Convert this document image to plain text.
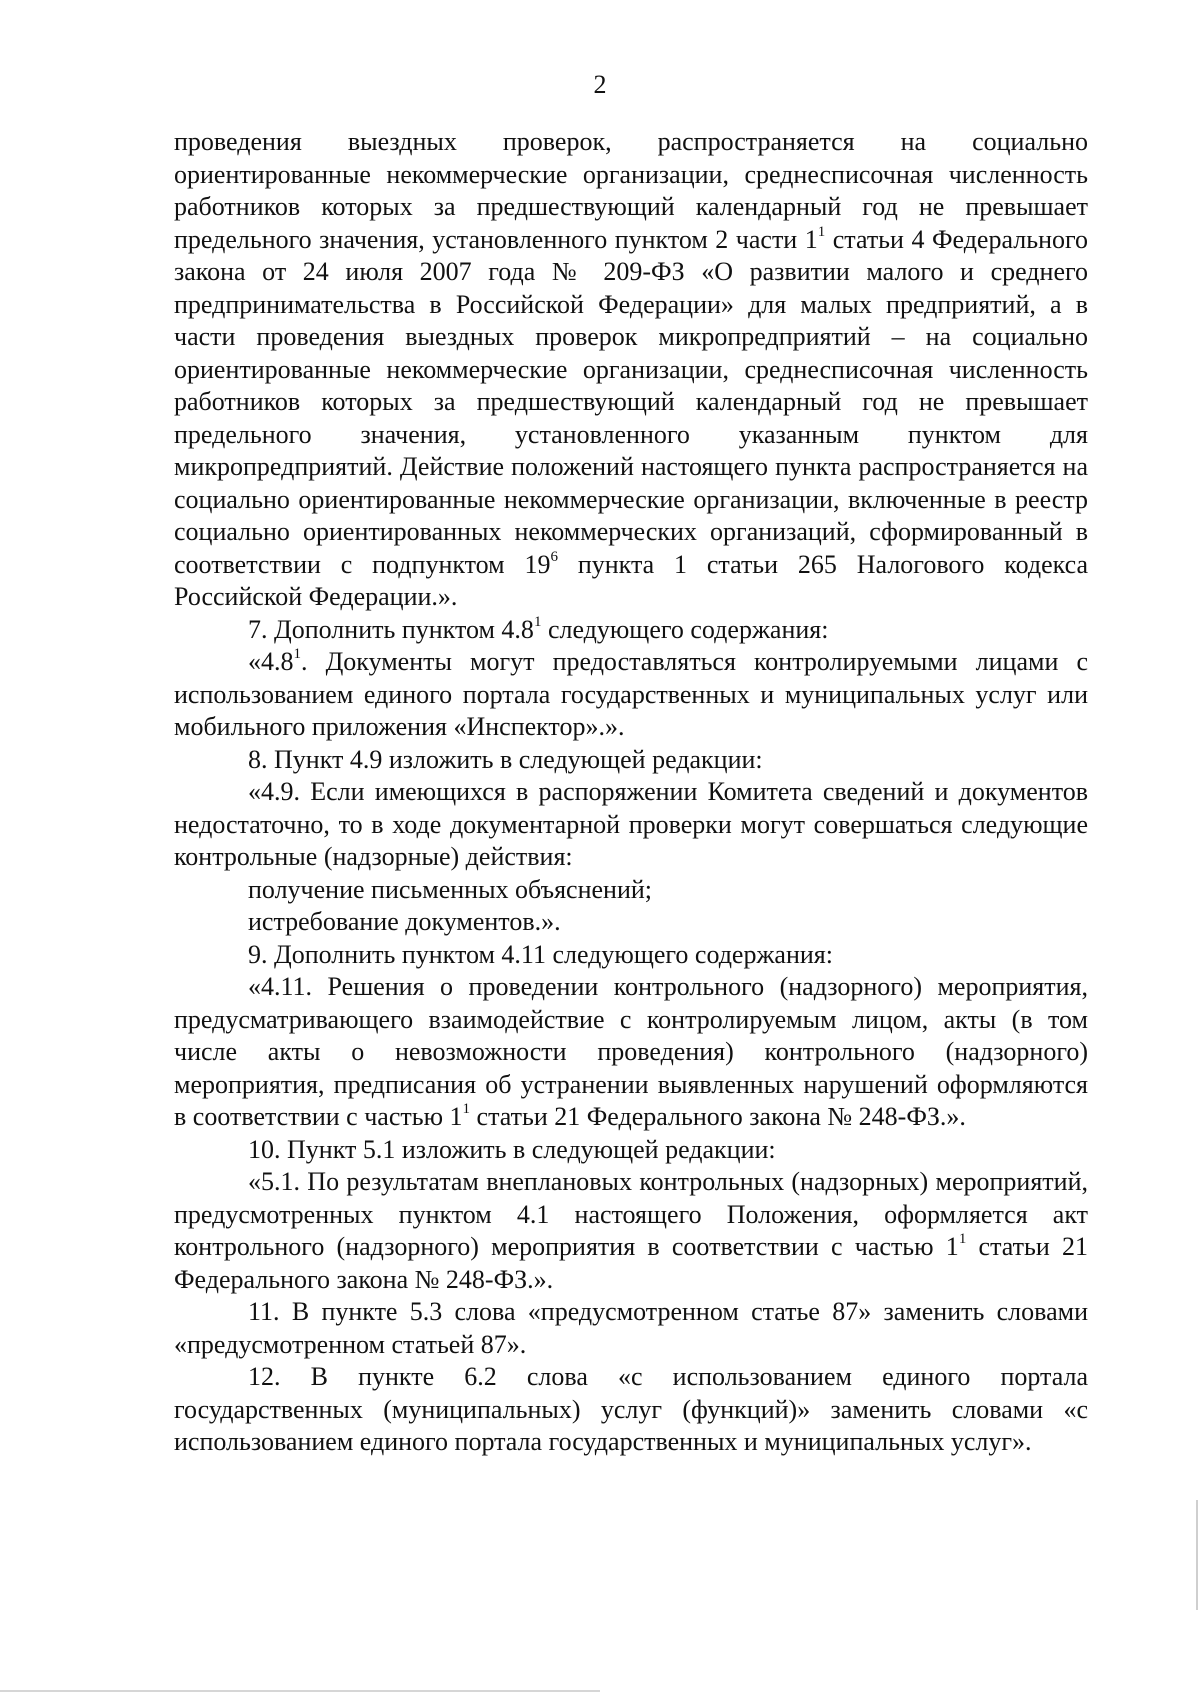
2

проведения выездных проверок, распространяется на социально ориентированные некоммерческие организации, среднесписочная численность работников которых за предшествующий календарный год не превышает предельного значения, установленного пунктом 2 части $1^1$ статьи 4 Федерального закона от 24 июля 2007 года № 209-ФЗ «О развитии малого и среднего предпринимательства в Российской Федерации» для малых предприятий, а в части проведения выездных проверок микропредприятий – на социально ориентированные некоммерческие организации, среднесписочная численность работников которых за предшествующий календарный год не превышает предельного значения, установленного указанным пунктом для микропредприятий. Действие положений настоящего пункта распространяется на социально ориентированные некоммерческие организации, включенные в реестр социально ориентированных некоммерческих организаций, сформированный в соответствии с подпунктом $19^6$ пункта 1 статьи 265 Налогового кодекса Российской Федерации.».

7. Дополнить пунктом $4.8^1$ следующего содержания:

«$4.8^1$. Документы могут предоставляться контролируемыми лицами с использованием единого портала государственных и муниципальных услуг или мобильного приложения «Инспектор».».

8. Пункт 4.9 изложить в следующей редакции:

«4.9. Если имеющихся в распоряжении Комитета сведений и документов недостаточно, то в ходе документарной проверки могут совершаться следующие контрольные (надзорные) действия:

получение письменных объяснений;

истребование документов.».

9. Дополнить пунктом 4.11 следующего содержания:

«4.11. Решения о проведении контрольного (надзорного) мероприятия, предусматривающего взаимодействие с контролируемым лицом, акты (в том числе акты о невозможности проведения) контрольного (надзорного) мероприятия, предписания об устранении выявленных нарушений оформляются в соответствии с частью $1^1$ статьи 21 Федерального закона № 248-ФЗ.».

10. Пункт 5.1 изложить в следующей редакции:

«5.1. По результатам внеплановых контрольных (надзорных) мероприятий, предусмотренных пунктом 4.1 настоящего Положения, оформляется акт контрольного (надзорного) мероприятия в соответствии с частью $1^1$ статьи 21 Федерального закона № 248-ФЗ.».

11. В пункте 5.3 слова «предусмотренном статье 87» заменить словами «предусмотренном статьей 87».

12. В пункте 6.2 слова «с использованием единого портала государственных (муниципальных) услуг (функций)» заменить словами «с использованием единого портала государственных и муниципальных услуг».
